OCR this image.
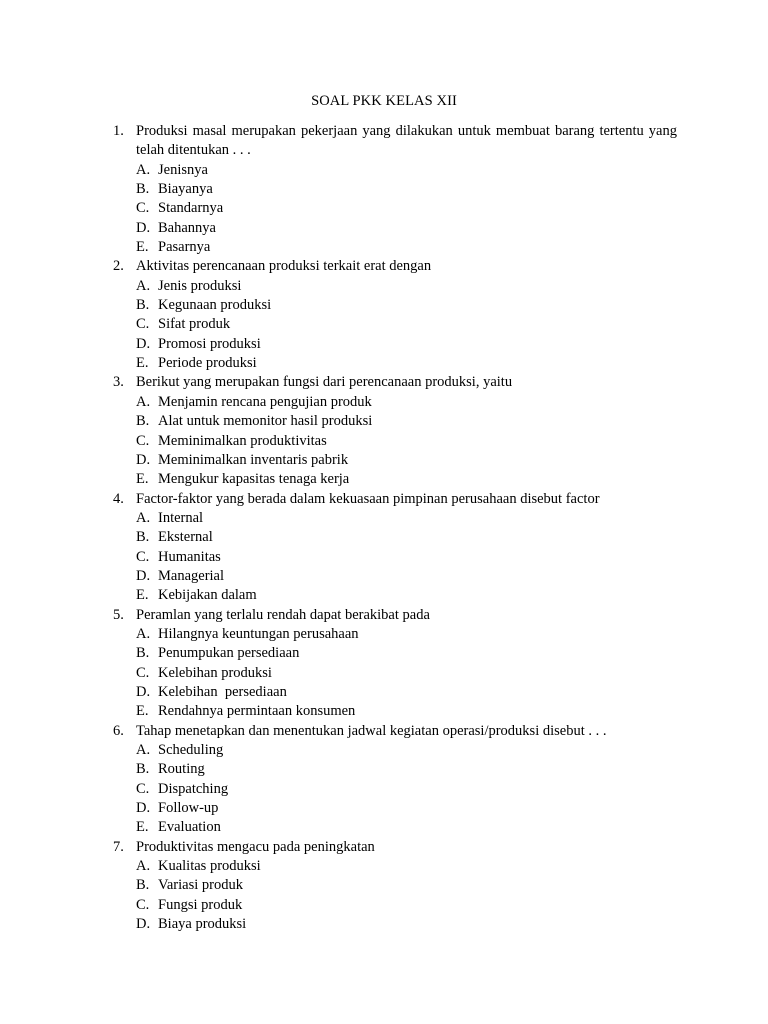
SOAL PKK KELAS XII
1. Produksi masal merupakan pekerjaan yang dilakukan untuk membuat barang tertentu yang telah ditentukan . . .
A. Jenisnya
B. Biayanya
C. Standarnya
D. Bahannya
E. Pasarnya
2. Aktivitas perencanaan produksi terkait erat dengan
A. Jenis produksi
B. Kegunaan produksi
C. Sifat produk
D. Promosi produksi
E. Periode produksi
3. Berikut yang merupakan fungsi dari perencanaan produksi, yaitu
A. Menjamin rencana pengujian produk
B. Alat untuk memonitor hasil produksi
C. Meminimalkan produktivitas
D. Meminimalkan inventaris pabrik
E. Mengukur kapasitas tenaga kerja
4. Factor-faktor yang berada dalam kekuasaan pimpinan perusahaan disebut factor
A. Internal
B. Eksternal
C. Humanitas
D. Managerial
E. Kebijakan dalam
5. Peramlan yang terlalu rendah dapat berakibat pada
A. Hilangnya keuntungan perusahaan
B. Penumpukan persediaan
C. Kelebihan produksi
D. Kelebihan  persediaan
E. Rendahnya permintaan konsumen
6. Tahap menetapkan dan menentukan jadwal kegiatan operasi/produksi disebut . . .
A. Scheduling
B. Routing
C. Dispatching
D. Follow-up
E. Evaluation
7. Produktivitas mengacu pada peningkatan
A. Kualitas produksi
B. Variasi produk
C. Fungsi produk
D. Biaya produksi
